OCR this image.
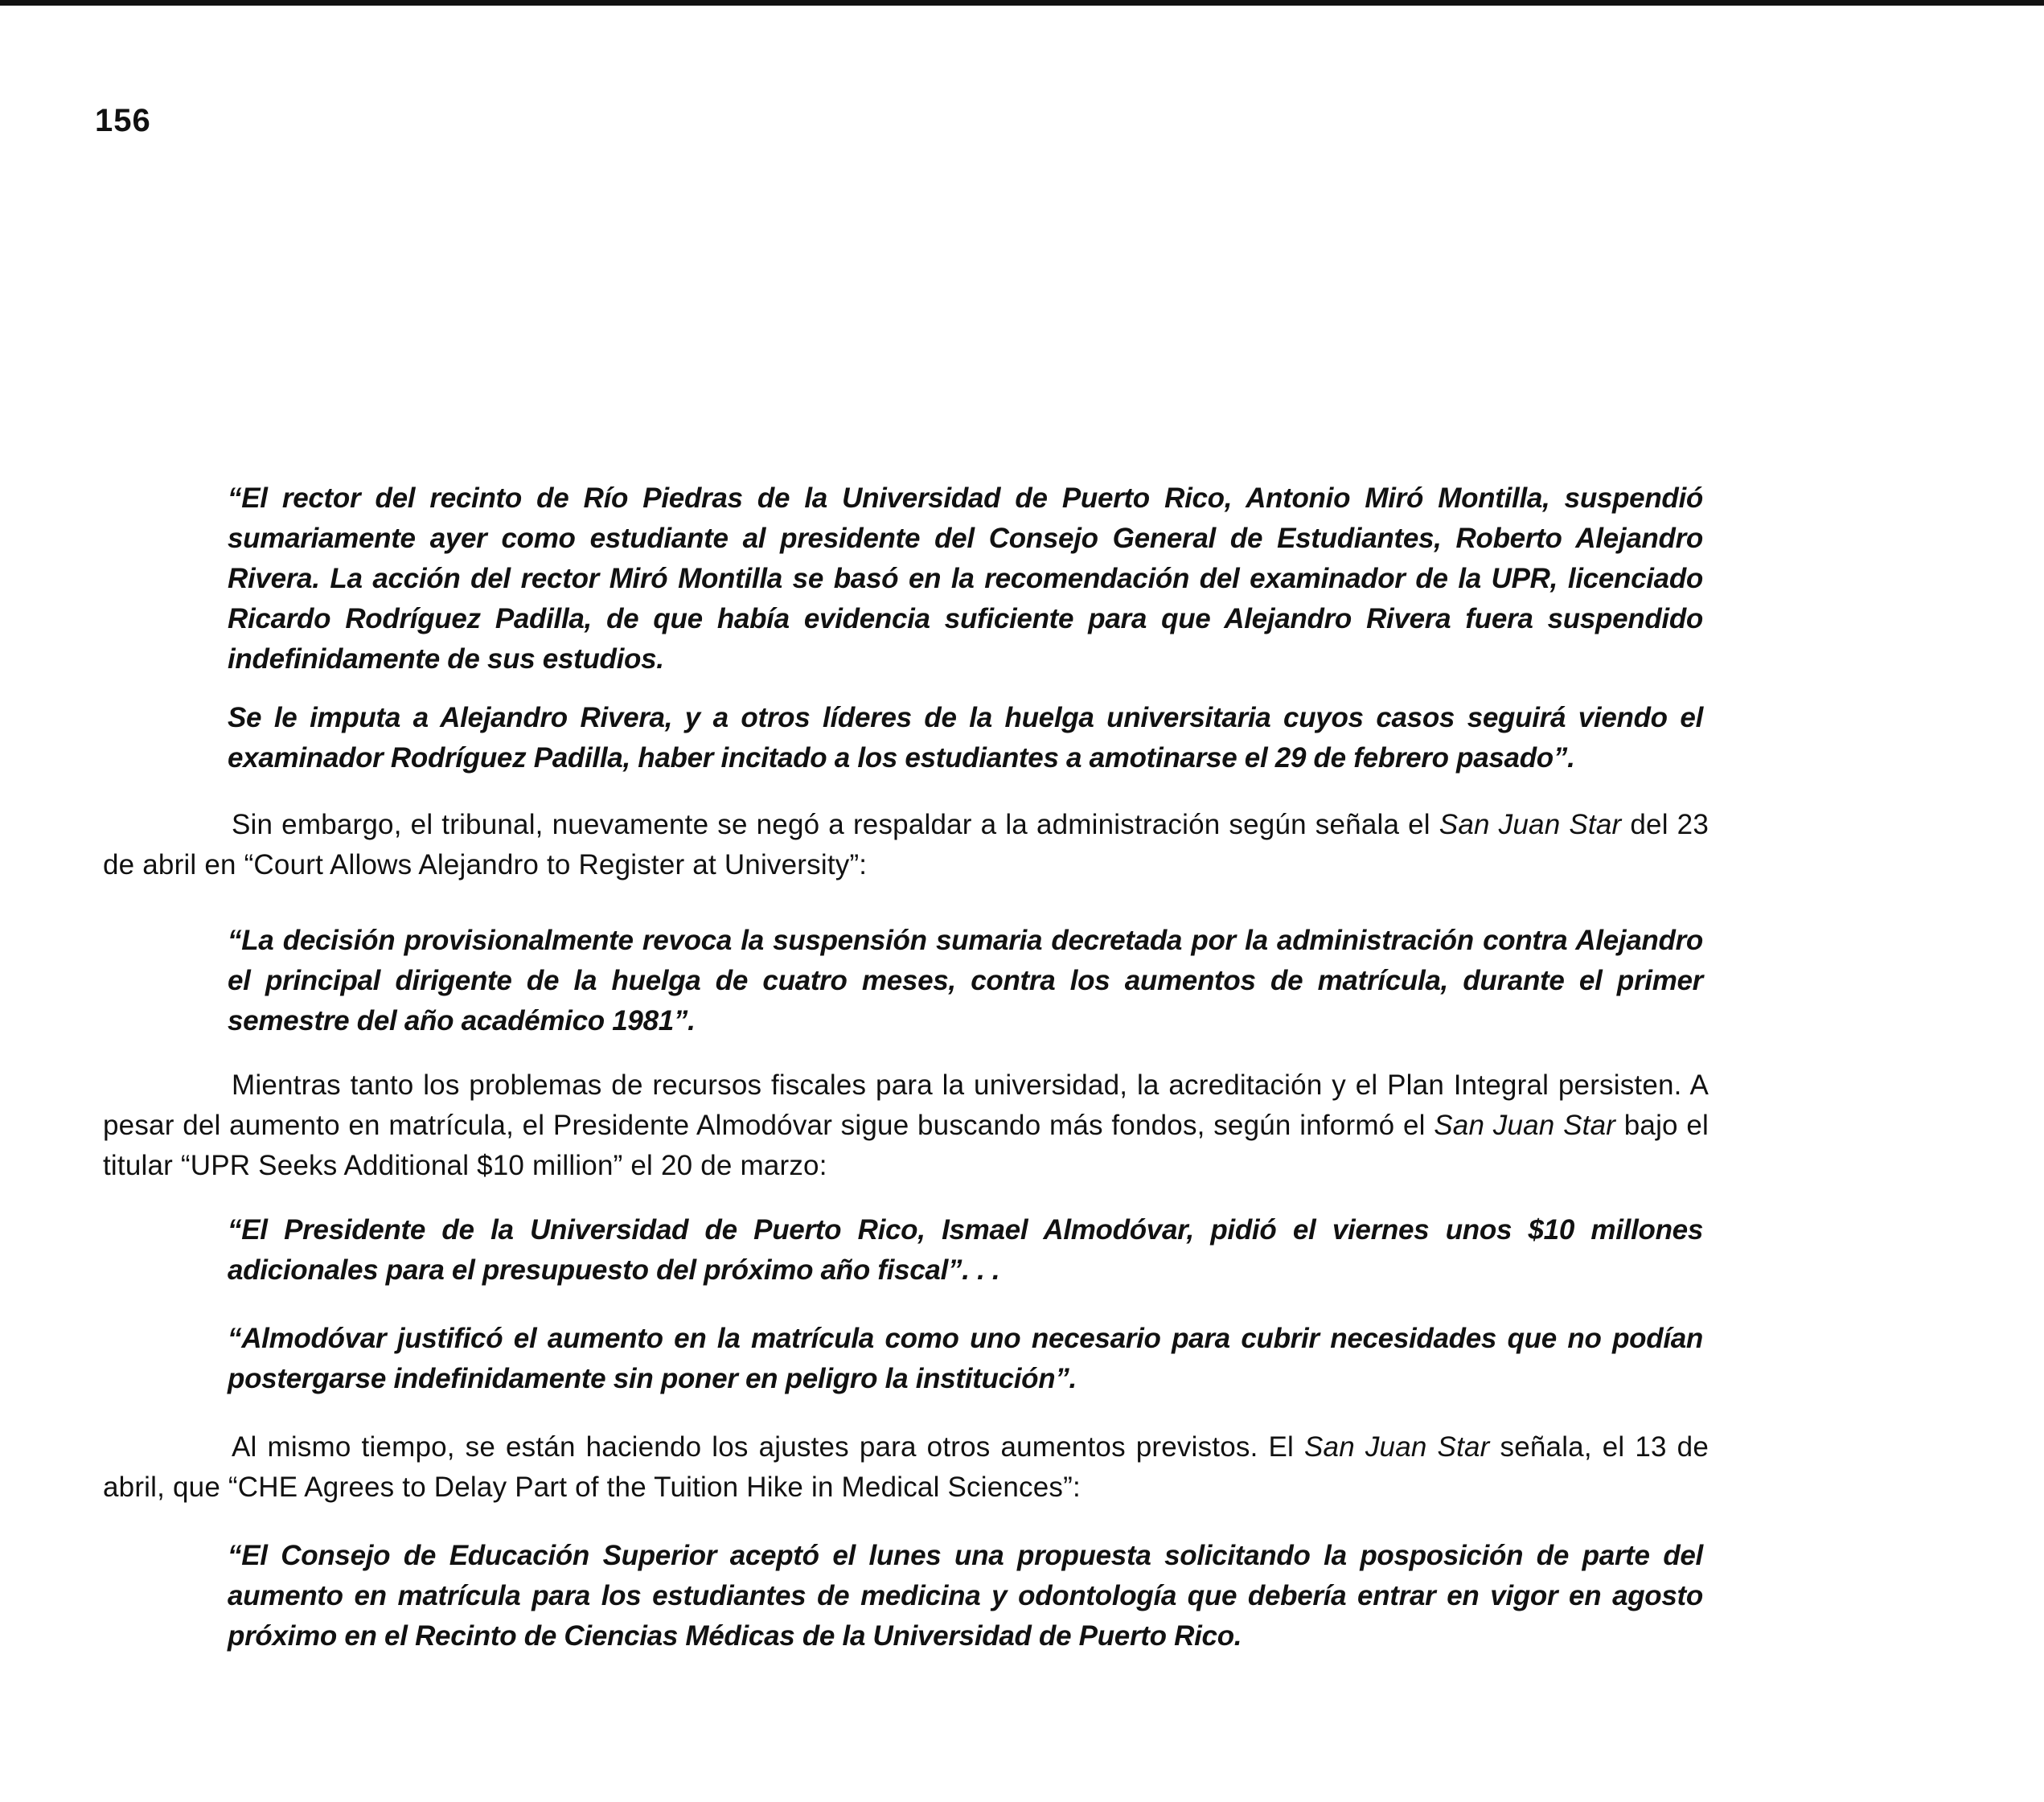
156

“El rector del recinto de Río Piedras de la Universidad de Puerto Rico, Antonio Miró Montilla, suspendió sumariamente ayer como estudiante al presidente del Consejo General de Estudiantes, Roberto Alejandro Rivera. La acción del rector Miró Montilla se basó en la recomendación del examinador de la UPR, licenciado Ricardo Rodríguez Padilla, de que había evidencia suficiente para que Alejandro Rivera fuera suspendido indefinidamente de sus estudios.

Se le imputa a Alejandro Rivera, y a otros líderes de la huelga universitaria cuyos casos seguirá viendo el examinador Rodríguez Padilla, haber incitado a los estudiantes a amotinarse el 29 de febrero pasado”.

Sin embargo, el tribunal, nuevamente se negó a respaldar a la administración según señala el San Juan Star del 23 de abril en “Court Allows Alejandro to Register at University”:

“La decisión provisionalmente revoca la suspensión sumaria decretada por la administración contra Alejandro el principal dirigente de la huelga de cuatro meses, contra los aumentos de matrícula, durante el primer semestre del año académico 1981”.

Mientras tanto los problemas de recursos fiscales para la universidad, la acreditación y el Plan Integral persisten. A pesar del aumento en matrícula, el Presidente Almodóvar sigue buscando más fondos, según informó el San Juan Star bajo el titular “UPR Seeks Additional $10 million” el 20 de marzo:

“El Presidente de la Universidad de Puerto Rico, Ismael Almodóvar, pidió el viernes unos $10 millones adicionales para el presupuesto del próximo año fiscal”. . .

“Almodóvar justificó el aumento en la matrícula como uno necesario para cubrir necesidades que no podían postergarse indefinidamente sin poner en peligro la institución”.

Al mismo tiempo, se están haciendo los ajustes para otros aumentos previstos. El San Juan Star señala, el 13 de abril, que “CHE Agrees to Delay Part of the Tuition Hike in Medical Sciences”:

“El Consejo de Educación Superior aceptó el lunes una propuesta solicitando la posposición de parte del aumento en matrícula para los estudiantes de medicina y odontología que debería entrar en vigor en agosto próximo en el Recinto de Ciencias Médicas de la Universidad de Puerto Rico.
